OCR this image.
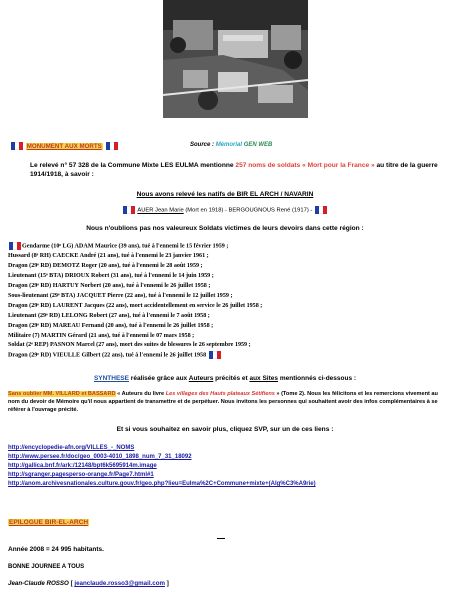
MONUMENT AUX MORTS	Source : Mémorial GEN WEB
Le relevé n° 57 328 de la Commune Mixte LES EULMA mentionne 257 noms de soldats « Mort pour la France » au titre de la guerre 1914/1918, à savoir :
Nous avons relevé les natifs de BIR EL ARCH / NAVARIN
AUER Jean Marie (Mort en 1918) - BERGOUGNOUS René (1917) -
Nous n'oublions pas nos valeureux Soldats victimes de leurs devoirs dans cette région :
Gendarme (10ᵉ LG) ADAM Maurice (39 ans), tué à l'ennemi le 15 février 1959 ;
Hussard (8ᵉ RH) CAECKE André (21 ans), tué à l'ennemi le 23 janvier 1961 ;
Dragon (29ᵉ RD) DEMOTZ Roger (20 ans), tué à l'ennemi le 28 août 1959 ;
Lieutenant (15ᵉ BTA) DRIOUX Robert (31 ans), tué à l'ennemi le 14 juin 1959 ;
Dragon (29ᵉ RD) HARTUY Norbert (20 ans), tué à l'ennemi le 26 juillet 1958 ;
Sous-lieutenant (29ᵉ BTA) JACQUET Pierre (22 ans), tué à l'ennemi le 12 juillet 1959 ;
Dragon (29ᵉ RD) LAURENT Jacques (22 ans), mort accidentellement en service le 26 juillet 1958 ;
Lieutenant (29ᵉ RD) LELONG Robert (27 ans), tué à l'ennemi le 7 août 1958 ;
Dragon (29ᵉ RD) MAREAU Fernand (20 ans), tué à l'ennemi le 26 juillet 1958 ;
Militaire (7) MARTIN Gérard (21 ans), tué à l'ennemi le 07 mars 1958 ;
Soldat (2ᵉ REP) PASNON Marcel (27 ans), mort des suites de blessures le 26 septembre 1959 ;
Dragon (29ᵉ RD) VIEULLE Gilbert (22 ans), tué à l'ennemi le 26 juillet 1958
SYNTHESE réalisée grâce aux Auteurs précités et aux Sites mentionnés ci-dessous :
Sans oublier MM. VILLARD et BASSARD « Auteurs du livre Les villages des Hauts plateaux Sétifiens » (Tome 2). Nous les félicitons et les remercions vivement au nom du devoir de Mémoire qu'il nous appartient de transmettre et de perpétuer. Nous invitons les personnes qui souhaitent avoir des infos complémentaires à se référer à l'ouvrage précité.
Et si vous souhaitez en savoir plus, cliquez SVP, sur un de ces liens :
http://encyclopedie-afn.org/VILLES_-_NOMS
http://www.persee.fr/doc/geo_0003-4010_1898_num_7_31_18092
http://gallica.bnf.fr/ark:/12148/bpt6k5695914m.image
http://sgranger.pagesperso-orange.fr/Page7.html#1
http://anom.archivesnationales.culture.gouv.fr/geo.php?lieu=Eulma%2C+Commune+mixte+(Alg%C3%A9rie)
EPILOGUE BIR-EL-ARCH
Année 2008 = 24 995 habitants.
BONNE JOURNEE A TOUS
Jean-Claude ROSSO [ jeanclaude.rosso3@gmail.com ]
